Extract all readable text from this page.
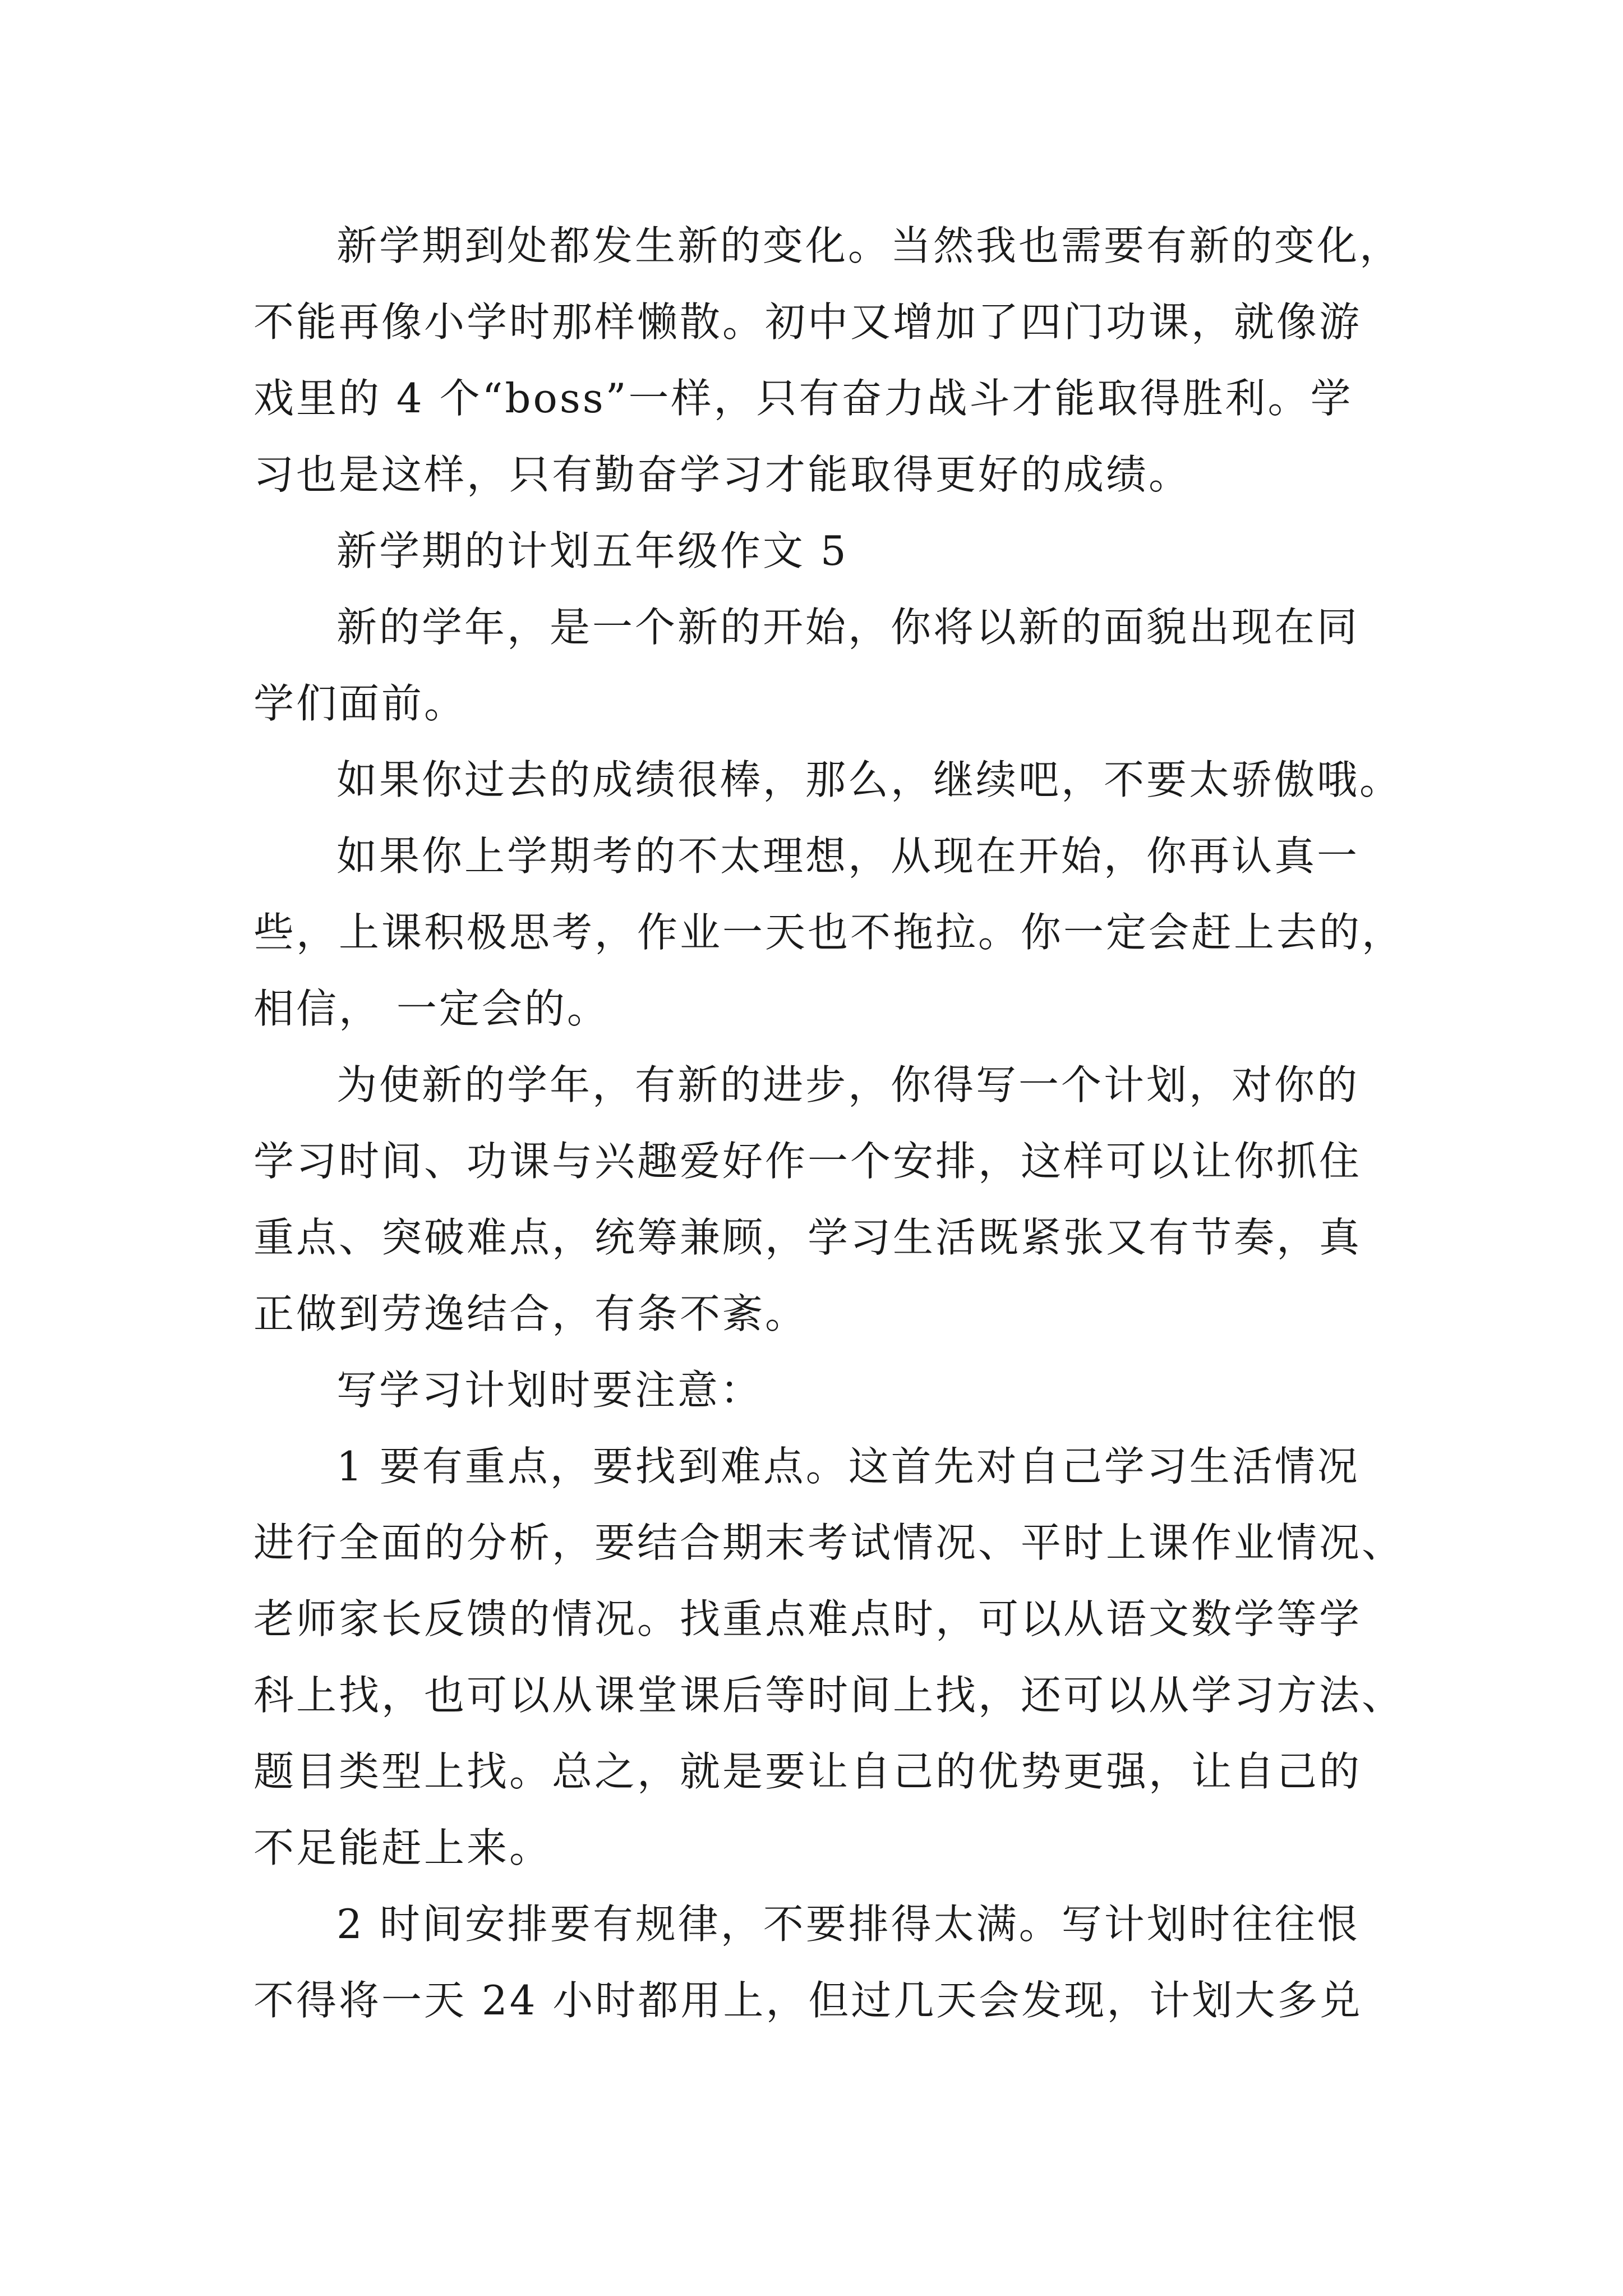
新学期到处都发生新的变化。当然我也需要有新的变化，
不能再像小学时那样懒散。初中又增加了四门功课，就像游
戏里的 4 个“boss”一样，只有奋力战斗才能取得胜利。学
习也是这样，只有勤奋学习才能取得更好的成绩。
新学期的计划五年级作文 5
新的学年，是一个新的开始，你将以新的面貌出现在同
学们面前。
如果你过去的成绩很棒，那么，继续吧，不要太骄傲哦。
如果你上学期考的不太理想，从现在开始，你再认真一
些，上课积极思考，作业一天也不拖拉。你一定会赶上去的，
相信， 一定会的。
为使新的学年，有新的进步，你得写一个计划，对你的
学习时间、功课与兴趣爱好作一个安排，这样可以让你抓住
重点、突破难点，统筹兼顾，学习生活既紧张又有节奏，真
正做到劳逸结合，有条不紊。
写学习计划时要注意：
1 要有重点，要找到难点。这首先对自己学习生活情况
进行全面的分析，要结合期末考试情况、平时上课作业情况、
老师家长反馈的情况。找重点难点时，可以从语文数学等学
科上找，也可以从课堂课后等时间上找，还可以从学习方法、
题目类型上找。总之，就是要让自己的优势更强，让自己的
不足能赶上来。
2 时间安排要有规律，不要排得太满。写计划时往往恨
不得将一天 24 小时都用上，但过几天会发现，计划大多兑
